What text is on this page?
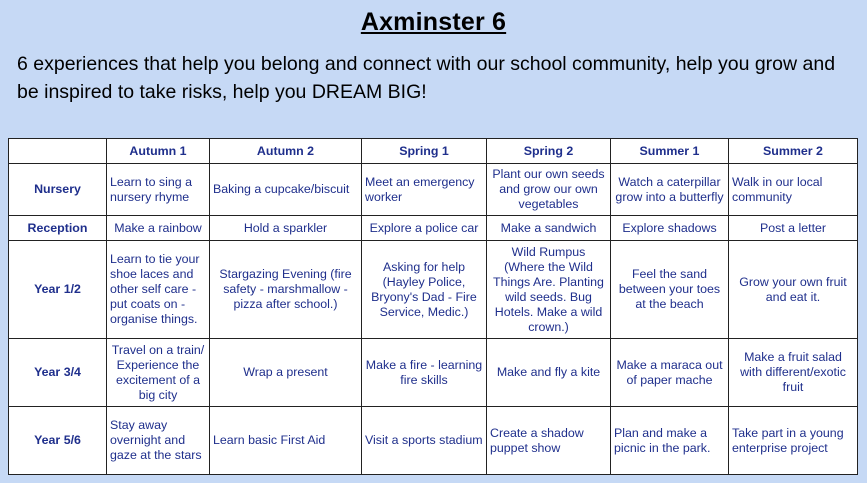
Axminster 6
6 experiences that help you belong and connect with our school community, help you grow and be inspired to take risks, help you DREAM BIG!
	Autumn 1	Autumn 2	Spring 1	Spring 2	Summer 1	Summer 2
Nursery	Learn to sing a nursery rhyme	Baking a cupcake/biscuit	Meet an emergency worker	Plant our own seeds and grow our own vegetables	Watch a caterpillar grow into a butterfly	Walk in our local community
Reception	Make a rainbow	Hold a sparkler	Explore a police car	Make a sandwich	Explore shadows	Post a letter
Year 1/2	Learn to tie your shoe laces and other self care - put coats on - organise things.	Stargazing Evening (fire safety - marshmallow - pizza after school.)	Asking for help (Hayley Police, Bryony's Dad - Fire Service, Medic.)	Wild Rumpus (Where the Wild Things Are. Planting wild seeds. Bug Hotels. Make a wild crown.)	Feel the sand between your toes at the beach	Grow your own fruit and eat it.
Year 3/4	Travel on a train/ Experience the excitement of a big city	Wrap a present	Make a fire - learning fire skills	Make and fly a kite	Make a maraca out of paper mache	Make a fruit salad with different/exotic fruit
Year 5/6	Stay away overnight and gaze at the stars	Learn basic First Aid	Visit a sports stadium	Create a shadow puppet show	Plan and make a picnic in the park.	Take part in a young enterprise project
